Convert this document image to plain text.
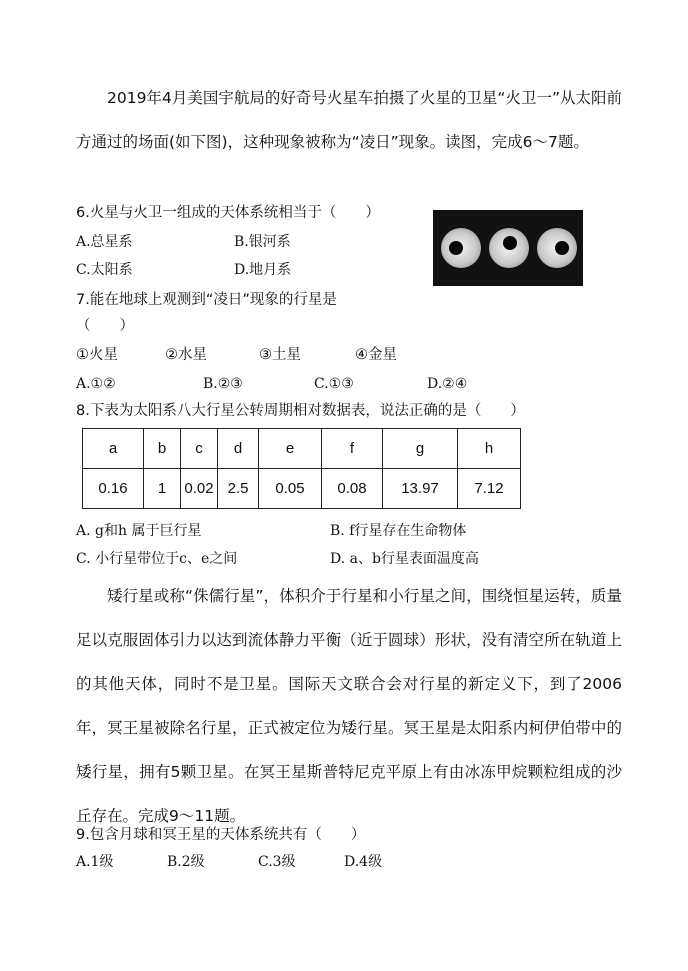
2019年4月美国宇航局的好奇号火星车拍摄了火星的卫星“火卫一”从太阳前方通过的场面(如下图)，这种现象被称为“凌日”现象。读图，完成6～7题。

6.火星与火卫一组成的天体系统相当于（　　）
A.总星系	B.银河系
C.太阳系	D.地月系
7.能在地球上观测到“凌日”现象的行星是
（　　）
①火星	②水星	③土星	④金星
A.①②	B.②③	C.①③	D.②④
8.下表为太阳系八大行星公转周期相对数据表，说法正确的是（　　）
a	b	c	d	e	f	g	h
0.16	1	0.02	2.5	0.05	0.08	13.97	7.12
A. g和h 属于巨行星	B. f行星存在生命物体
C. 小行星带位于c、e之间	D. a、b行星表面温度高

矮行星或称“侏儒行星”，体积介于行星和小行星之间，围绕恒星运转，质量足以克服固体引力以达到流体静力平衡（近于圆球）形状，没有清空所在轨道上的其他天体，同时不是卫星。国际天文联合会对行星的新定义下，到了2006年，冥王星被除名行星，正式被定位为矮行星。冥王星是太阳系内柯伊伯带中的矮行星，拥有5颗卫星。在冥王星斯普特尼克平原上有由冰冻甲烷颗粒组成的沙丘存在。完成9～11题。

9.包含月球和冥王星的天体系统共有（　　）
A.1级	B.2级	C.3级	D.4级
